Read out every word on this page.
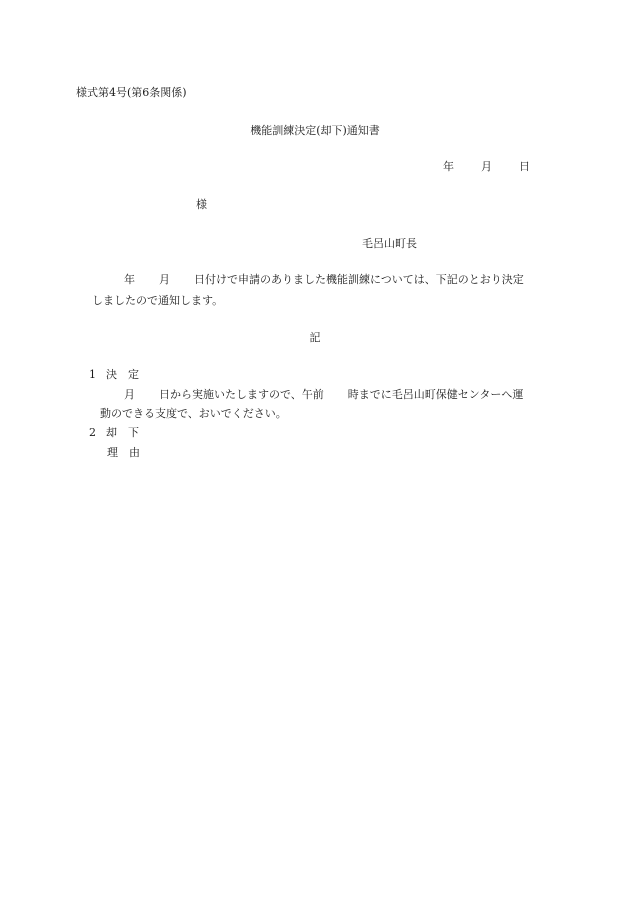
様式第4号(第6条関係)
機能訓練決定(却下)通知書
年 月 日
様
毛呂山町長
年 月 日付けで申請のありました機能訓練については、下記のとおり決定
しましたので通知します。
記
1 決　定
月 日から実施いたしますので、午前 時までに毛呂山町保健センターへ運
動のできる支度で、おいでください。
2 却　下
理　由
